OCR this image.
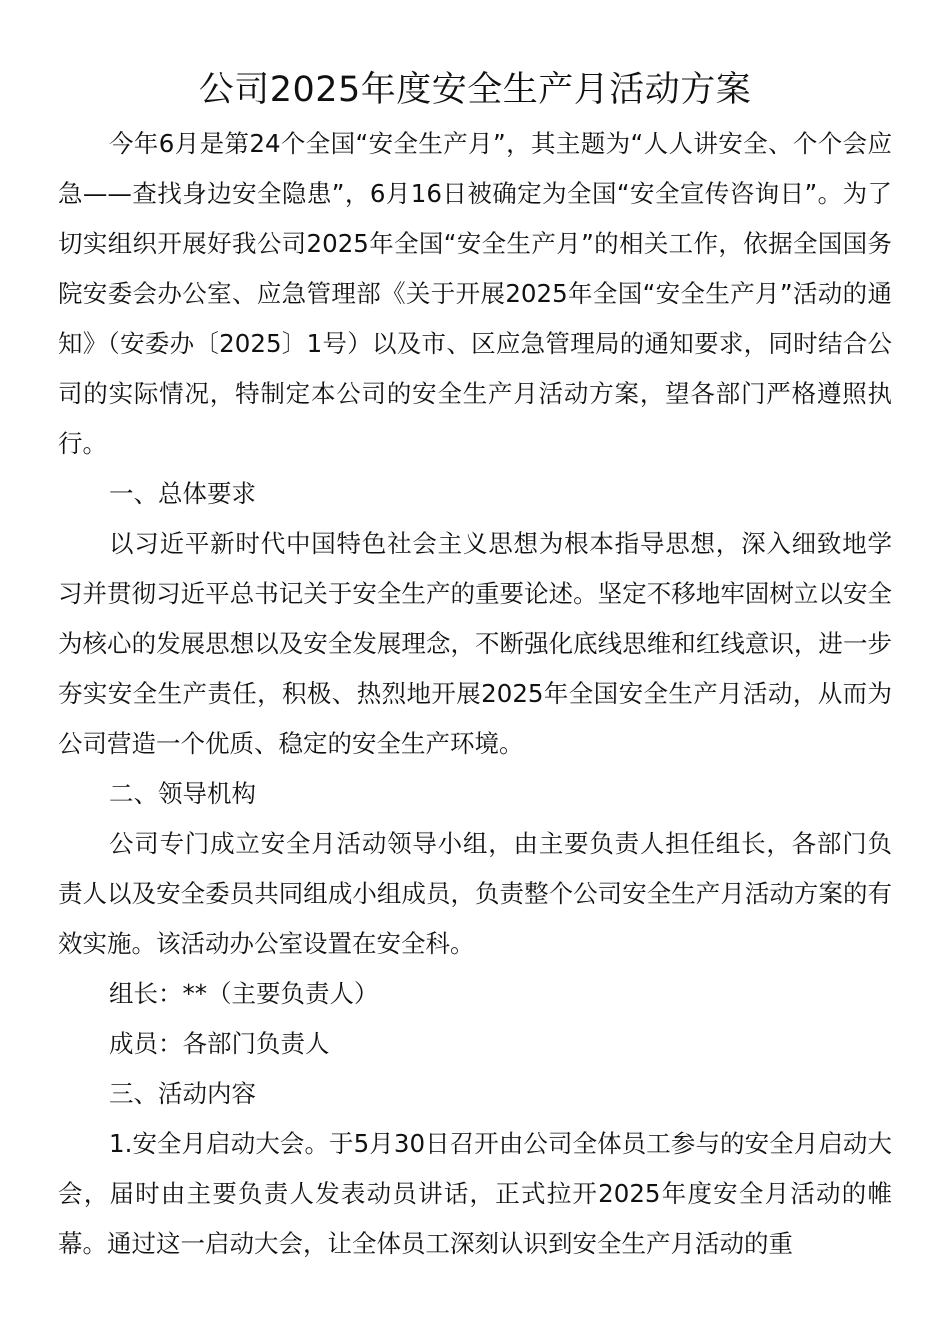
公司2025年度安全生产月活动方案

今年6月是第24个全国“安全生产月”，其主题为“人人讲安全、个个会应急——查找身边安全隐患”，6月16日被确定为全国“安全宣传咨询日”。为了切实组织开展好我公司2025年全国“安全生产月”的相关工作，依据全国国务院安委会办公室、应急管理部《关于开展2025年全国“安全生产月”活动的通知》（安委办〔2025〕1号）以及市、区应急管理局的通知要求，同时结合公司的实际情况，特制定本公司的安全生产月活动方案，望各部门严格遵照执行。

一、总体要求

以习近平新时代中国特色社会主义思想为根本指导思想，深入细致地学习并贯彻习近平总书记关于安全生产的重要论述。坚定不移地牢固树立以安全为核心的发展思想以及安全发展理念，不断强化底线思维和红线意识，进一步夯实安全生产责任，积极、热烈地开展2025年全国安全生产月活动，从而为公司营造一个优质、稳定的安全生产环境。

二、领导机构

公司专门成立安全月活动领导小组，由主要负责人担任组长，各部门负责人以及安全委员共同组成小组成员，负责整个公司安全生产月活动方案的有效实施。该活动办公室设置在安全科。

组长：**（主要负责人）

成员：各部门负责人

三、活动内容

1.安全月启动大会。于5月30日召开由公司全体员工参与的安全月启动大会，届时由主要负责人发表动员讲话，正式拉开2025年度安全月活动的帷幕。通过这一启动大会，让全体员工深刻认识到安全生产月活动的重
